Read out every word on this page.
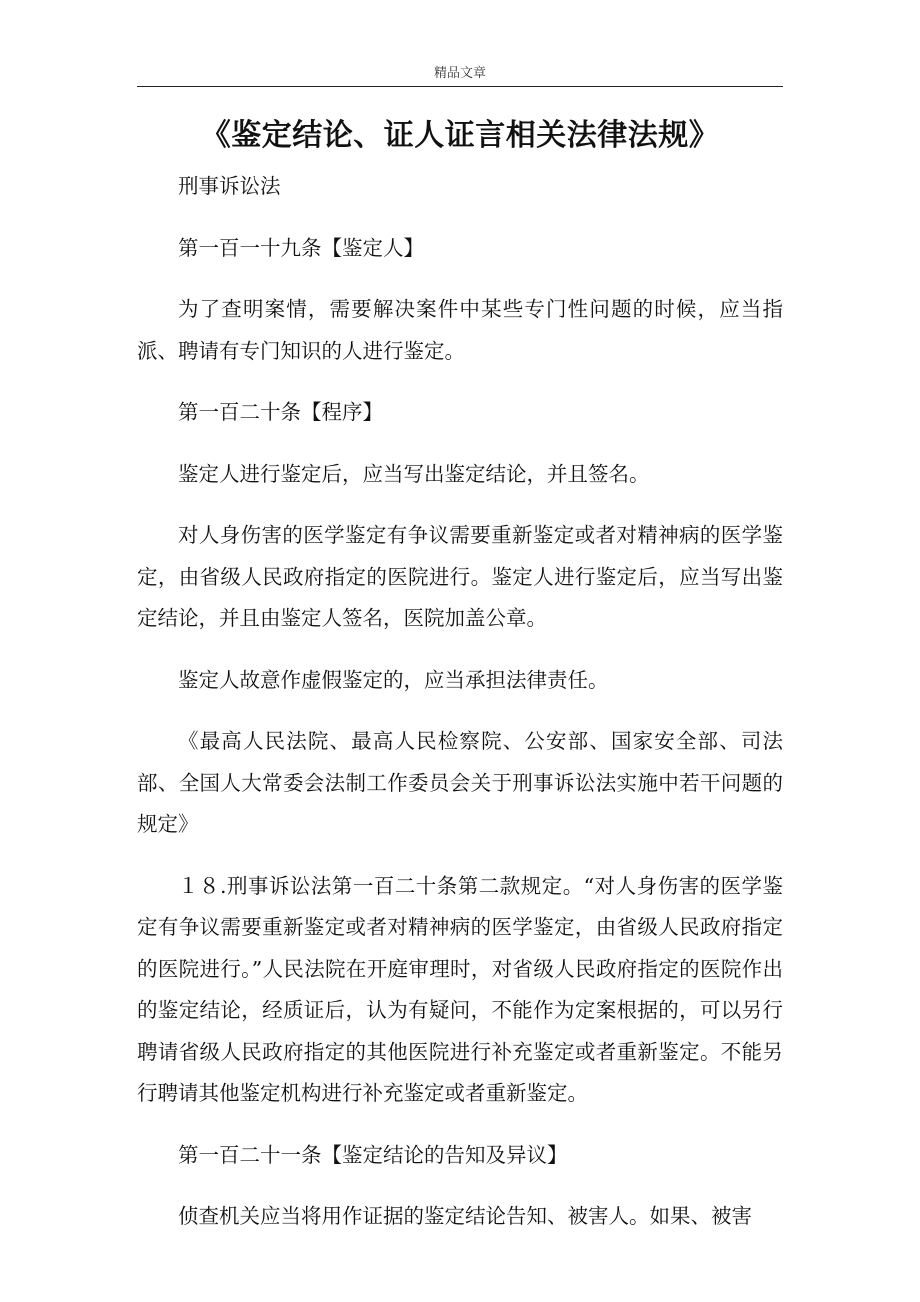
精品文章
《鉴定结论、证人证言相关法律法规》

刑事诉讼法

第一百一十九条【鉴定人】

为了查明案情，需要解决案件中某些专门性问题的时候，应当指派、聘请有专门知识的人进行鉴定。

第一百二十条【程序】

鉴定人进行鉴定后，应当写出鉴定结论，并且签名。

对人身伤害的医学鉴定有争议需要重新鉴定或者对精神病的医学鉴定，由省级人民政府指定的医院进行。鉴定人进行鉴定后，应当写出鉴定结论，并且由鉴定人签名，医院加盖公章。

鉴定人故意作虚假鉴定的，应当承担法律责任。

《最高人民法院、最高人民检察院、公安部、国家安全部、司法部、全国人大常委会法制工作委员会关于刑事诉讼法实施中若干问题的规定》

１８.刑事诉讼法第一百二十条第二款规定。“对人身伤害的医学鉴定有争议需要重新鉴定或者对精神病的医学鉴定，由省级人民政府指定的医院进行。”人民法院在开庭审理时，对省级人民政府指定的医院作出的鉴定结论，经质证后，认为有疑问，不能作为定案根据的，可以另行聘请省级人民政府指定的其他医院进行补充鉴定或者重新鉴定。不能另行聘请其他鉴定机构进行补充鉴定或者重新鉴定。

第一百二十一条【鉴定结论的告知及异议】

侦查机关应当将用作证据的鉴定结论告知、被害人。如果、被害
